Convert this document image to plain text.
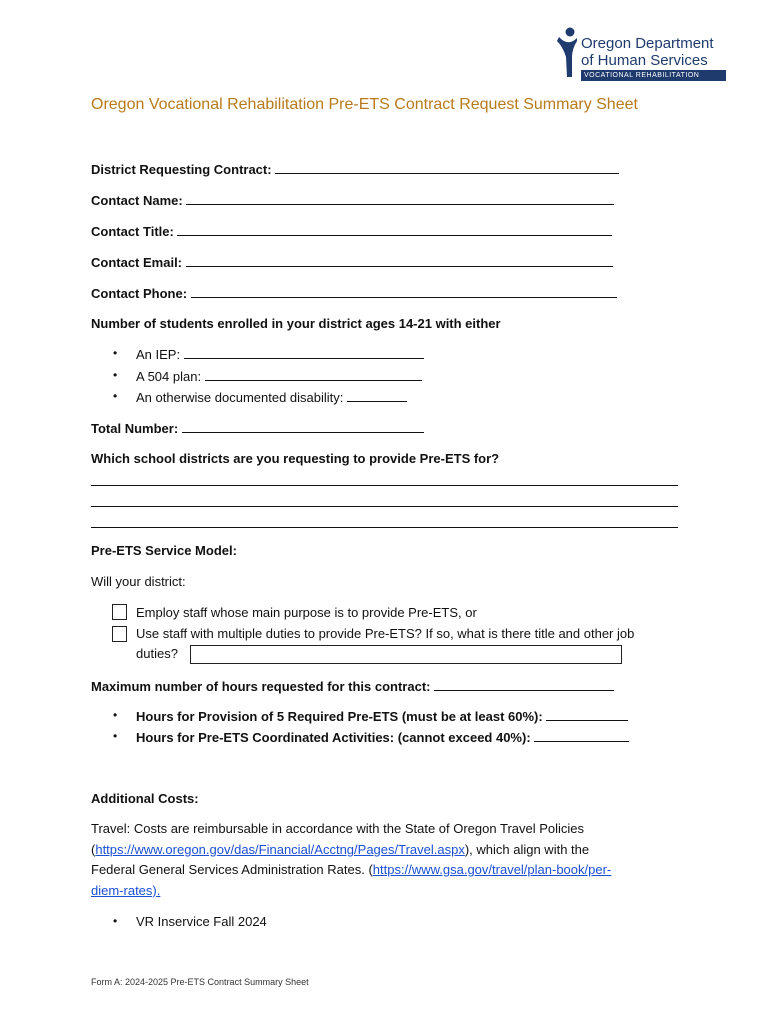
Oregon Department
of Human Services
VOCATIONAL REHABILITATION
Oregon Vocational Rehabilitation Pre-ETS Contract Request Summary Sheet
District Requesting Contract:
Contact Name:
Contact Title:
Contact Email:
Contact Phone:
Number of students enrolled in your district ages 14-21 with either
• An IEP:
• A 504 plan:
• An otherwise documented disability:
Total Number:
Which school districts are you requesting to provide Pre-ETS for?
Pre-ETS Service Model:
Will your district:
Employ staff whose main purpose is to provide Pre-ETS, or
Use staff with multiple duties to provide Pre-ETS? If so, what is there title and other job
duties?
Maximum number of hours requested for this contract:
• Hours for Provision of 5 Required Pre-ETS (must be at least 60%):
• Hours for Pre-ETS Coordinated Activities: (cannot exceed 40%):
Additional Costs:
Travel: Costs are reimbursable in accordance with the State of Oregon Travel Policies
(https://www.oregon.gov/das/Financial/Acctng/Pages/Travel.aspx), which align with the
Federal General Services Administration Rates. (https://www.gsa.gov/travel/plan-book/per-
diem-rates).
• VR Inservice Fall 2024
Form A: 2024-2025 Pre-ETS Contract Summary Sheet
